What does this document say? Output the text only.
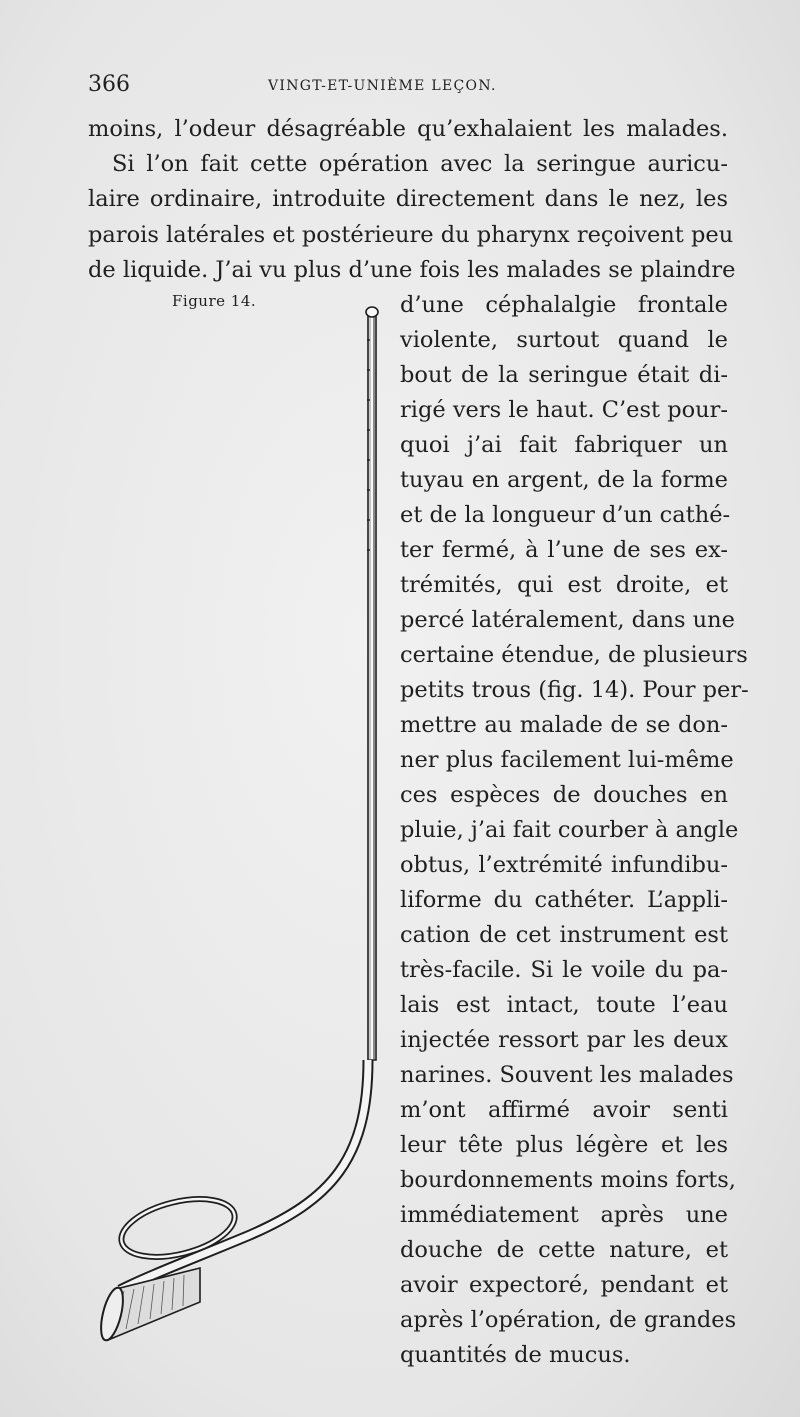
366	VINGT-ET-UNIÈME LEÇON.
moins, l’odeur désagréable qu’exhalaient les malades.
Si l’on fait cette opération avec la seringue auricu-
laire ordinaire, introduite directement dans le nez, les
parois latérales et postérieure du pharynx reçoivent peu
de liquide. J’ai vu plus d’une fois les malades se plaindre
Figure 14.	d’une céphalalgie frontale
violente, surtout quand le
bout de la seringue était di-
rigé vers le haut. C’est pour-
quoi j’ai fait fabriquer un
tuyau en argent, de la forme
et de la longueur d’un cathé-
ter fermé, à l’une de ses ex-
trémités, qui est droite, et
percé latéralement, dans une
certaine étendue, de plusieurs
petits trous (fig. 14). Pour per-
mettre au malade de se don-
ner plus facilement lui-même
ces espèces de douches en
pluie, j’ai fait courber à angle
obtus, l’extrémité infundibu-
liforme du cathéter. L’appli-
cation de cet instrument est
très-facile. Si le voile du pa-
lais est intact, toute l’eau
injectée ressort par les deux
narines. Souvent les malades
m’ont affirmé avoir senti
leur tête plus légère et les
bourdonnements moins forts,
immédiatement après une
douche de cette nature, et
avoir expectoré, pendant et
après l’opération, de grandes
quantités de mucus.
